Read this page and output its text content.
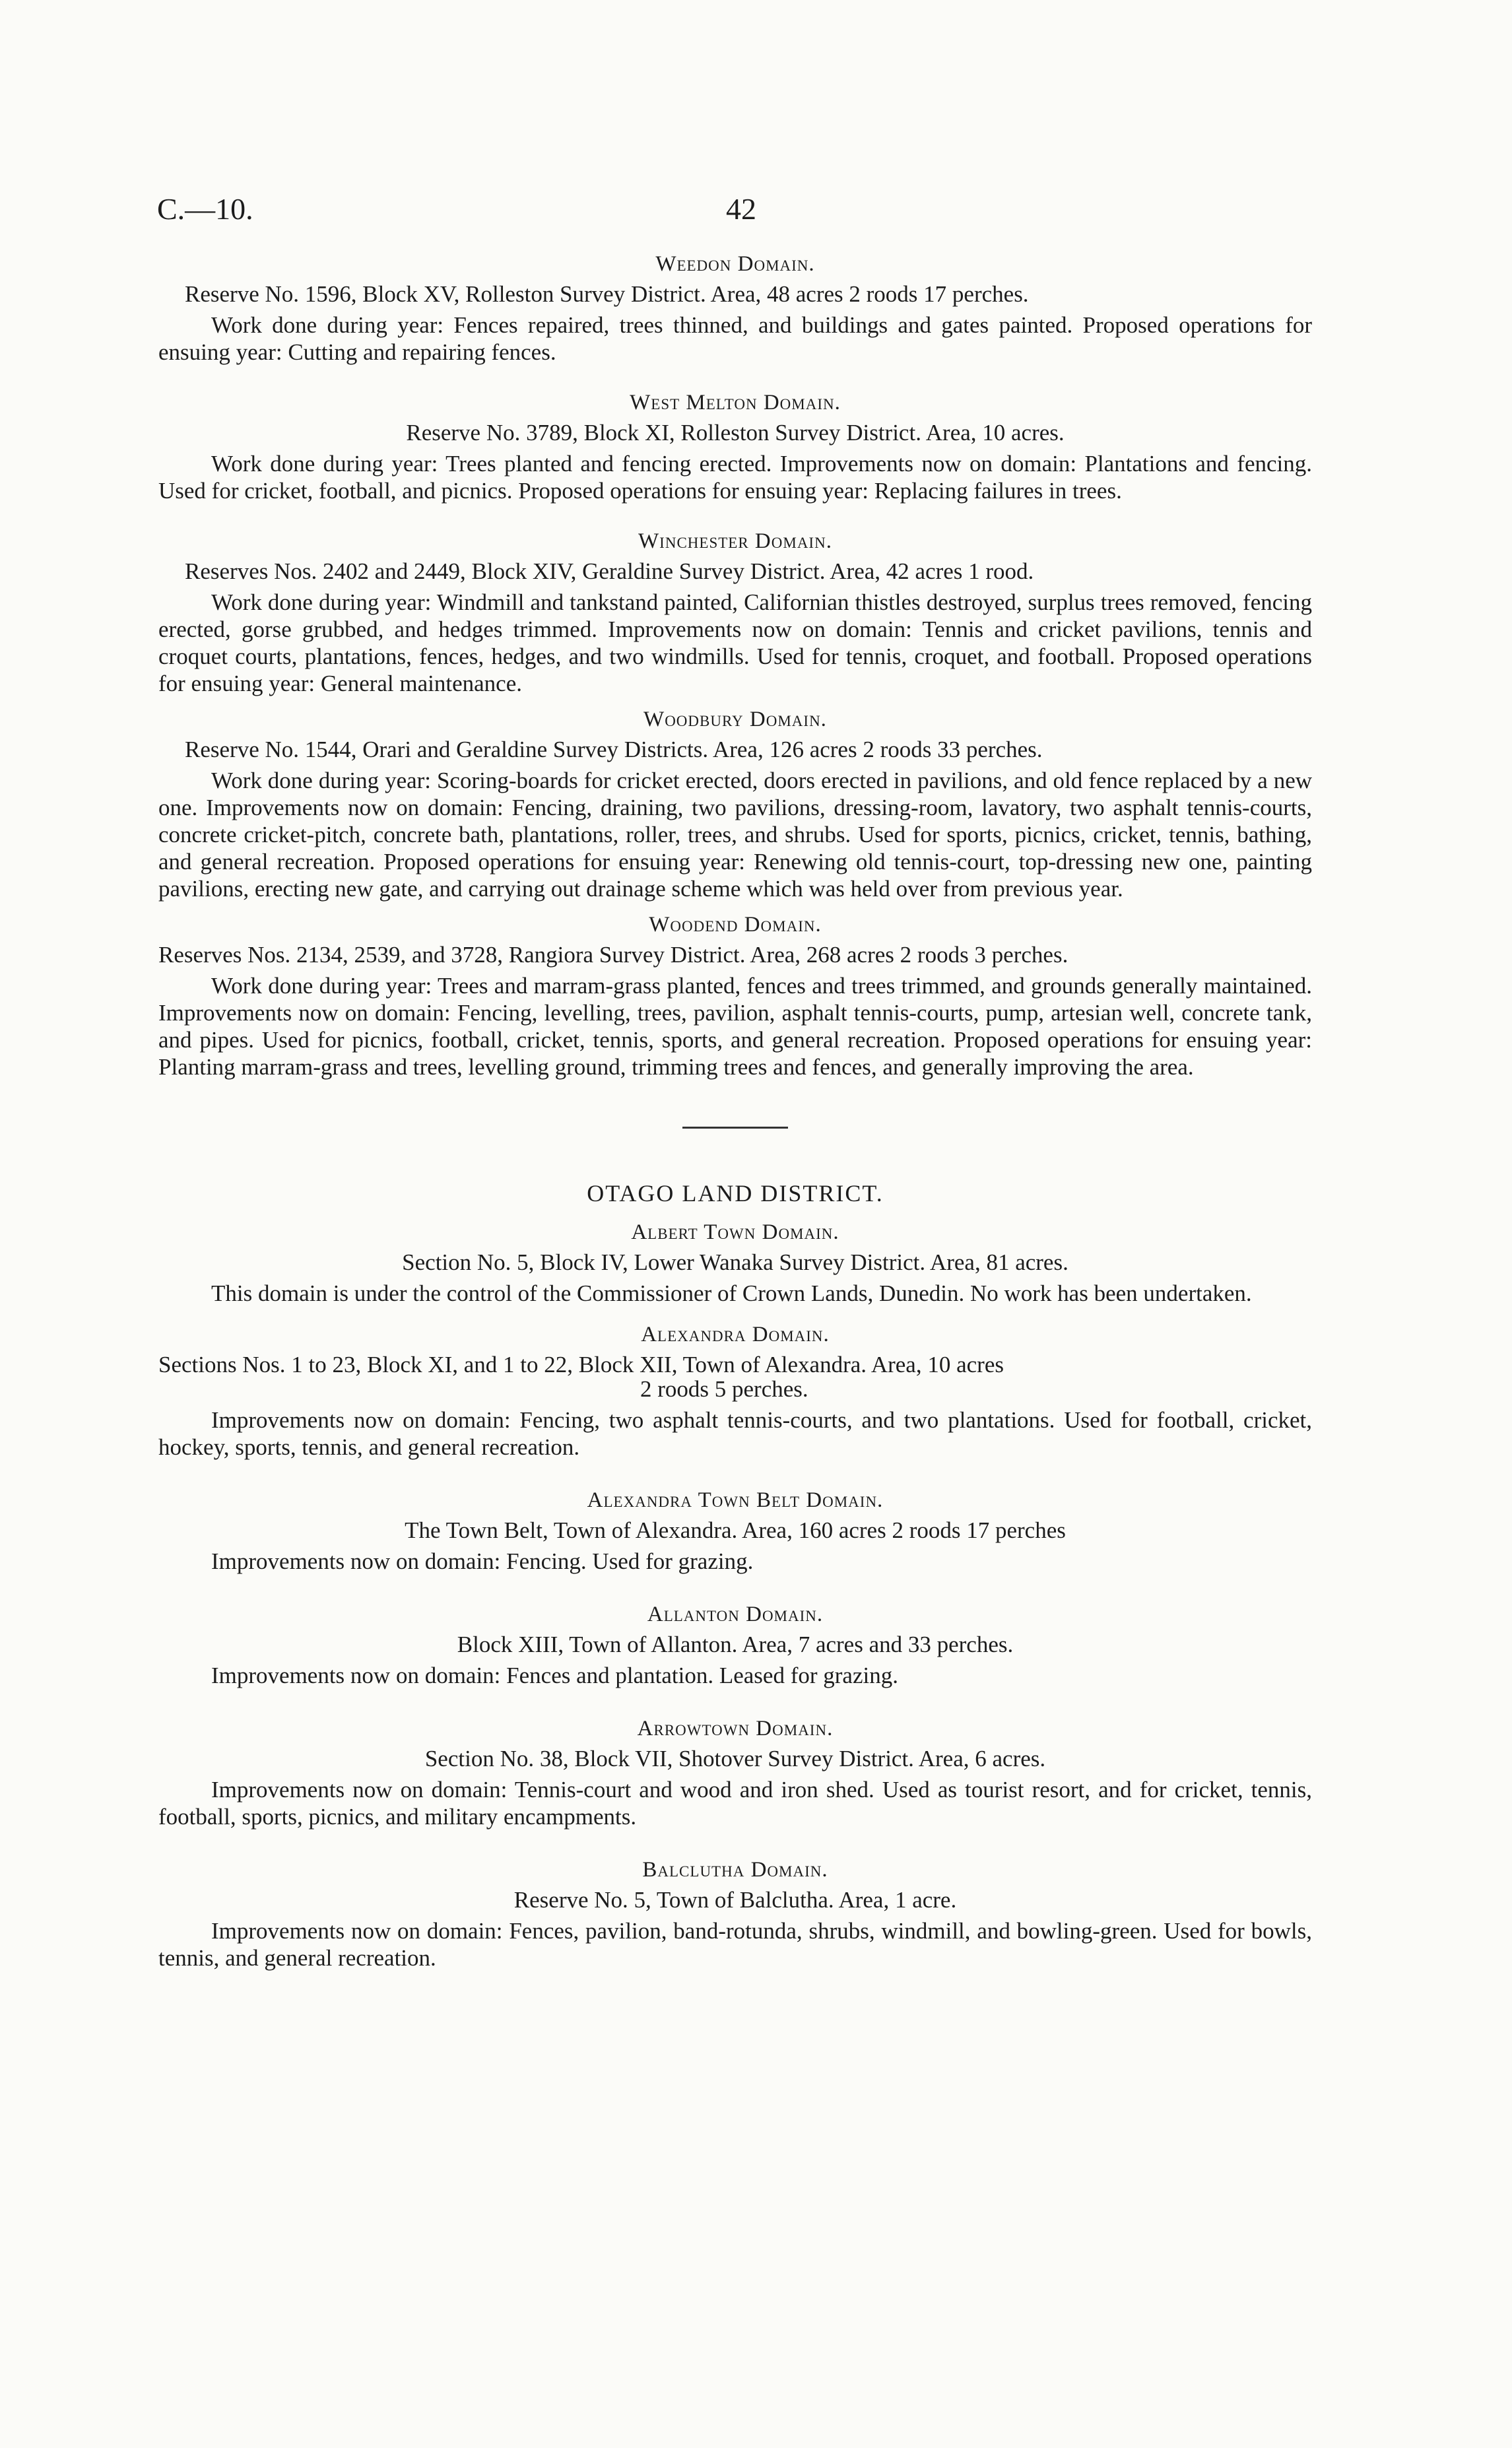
C.—10.	42
Weedon Domain.
Reserve No. 1596, Block XV, Rolleston Survey District. Area, 48 acres 2 roods 17 perches.

Work done during year: Fences repaired, trees thinned, and buildings and gates painted. Proposed operations for ensuing year: Cutting and repairing fences.

West Melton Domain.
Reserve No. 3789, Block XI, Rolleston Survey District. Area, 10 acres.

Work done during year: Trees planted and fencing erected. Improvements now on domain: Plantations and fencing. Used for cricket, football, and picnics. Proposed operations for ensuing year: Replacing failures in trees.

Winchester Domain.
Reserves Nos. 2402 and 2449, Block XIV, Geraldine Survey District. Area, 42 acres 1 rood.

Work done during year: Windmill and tankstand painted, Californian thistles destroyed, surplus trees removed, fencing erected, gorse grubbed, and hedges trimmed. Improvements now on domain: Tennis and cricket pavilions, tennis and croquet courts, plantations, fences, hedges, and two windmills. Used for tennis, croquet, and football. Proposed operations for ensuing year: General maintenance.

Woodbury Domain.
Reserve No. 1544, Orari and Geraldine Survey Districts. Area, 126 acres 2 roods 33 perches.

Work done during year: Scoring-boards for cricket erected, doors erected in pavilions, and old fence replaced by a new one. Improvements now on domain: Fencing, draining, two pavilions, dressing-room, lavatory, two asphalt tennis-courts, concrete cricket-pitch, concrete bath, plantations, roller, trees, and shrubs. Used for sports, picnics, cricket, tennis, bathing, and general recreation. Proposed operations for ensuing year: Renewing old tennis-court, top-dressing new one, painting pavilions, erecting new gate, and carrying out drainage scheme which was held over from previous year.

Woodend Domain.
Reserves Nos. 2134, 2539, and 3728, Rangiora Survey District. Area, 268 acres 2 roods 3 perches.

Work done during year: Trees and marram-grass planted, fences and trees trimmed, and grounds generally maintained. Improvements now on domain: Fencing, levelling, trees, pavilion, asphalt tennis-courts, pump, artesian well, concrete tank, and pipes. Used for picnics, football, cricket, tennis, sports, and general recreation. Proposed operations for ensuing year: Planting marram-grass and trees, levelling ground, trimming trees and fences, and generally improving the area.

OTAGO LAND DISTRICT.
Albert Town Domain.
Section No. 5, Block IV, Lower Wanaka Survey District. Area, 81 acres.

This domain is under the control of the Commissioner of Crown Lands, Dunedin. No work has been undertaken.

Alexandra Domain.
Sections Nos. 1 to 23, Block XI, and 1 to 22, Block XII, Town of Alexandra. Area, 10 acres
2 roods 5 perches.

Improvements now on domain: Fencing, two asphalt tennis-courts, and two plantations. Used for football, cricket, hockey, sports, tennis, and general recreation.

Alexandra Town Belt Domain.
The Town Belt, Town of Alexandra. Area, 160 acres 2 roods 17 perches

Improvements now on domain: Fencing. Used for grazing.

Allanton Domain.
Block XIII, Town of Allanton. Area, 7 acres and 33 perches.

Improvements now on domain: Fences and plantation. Leased for grazing.

Arrowtown Domain.
Section No. 38, Block VII, Shotover Survey District. Area, 6 acres.

Improvements now on domain: Tennis-court and wood and iron shed. Used as tourist resort, and for cricket, tennis, football, sports, picnics, and military encampments.

Balclutha Domain.
Reserve No. 5, Town of Balclutha. Area, 1 acre.

Improvements now on domain: Fences, pavilion, band-rotunda, shrubs, windmill, and bowling-green. Used for bowls, tennis, and general recreation.
